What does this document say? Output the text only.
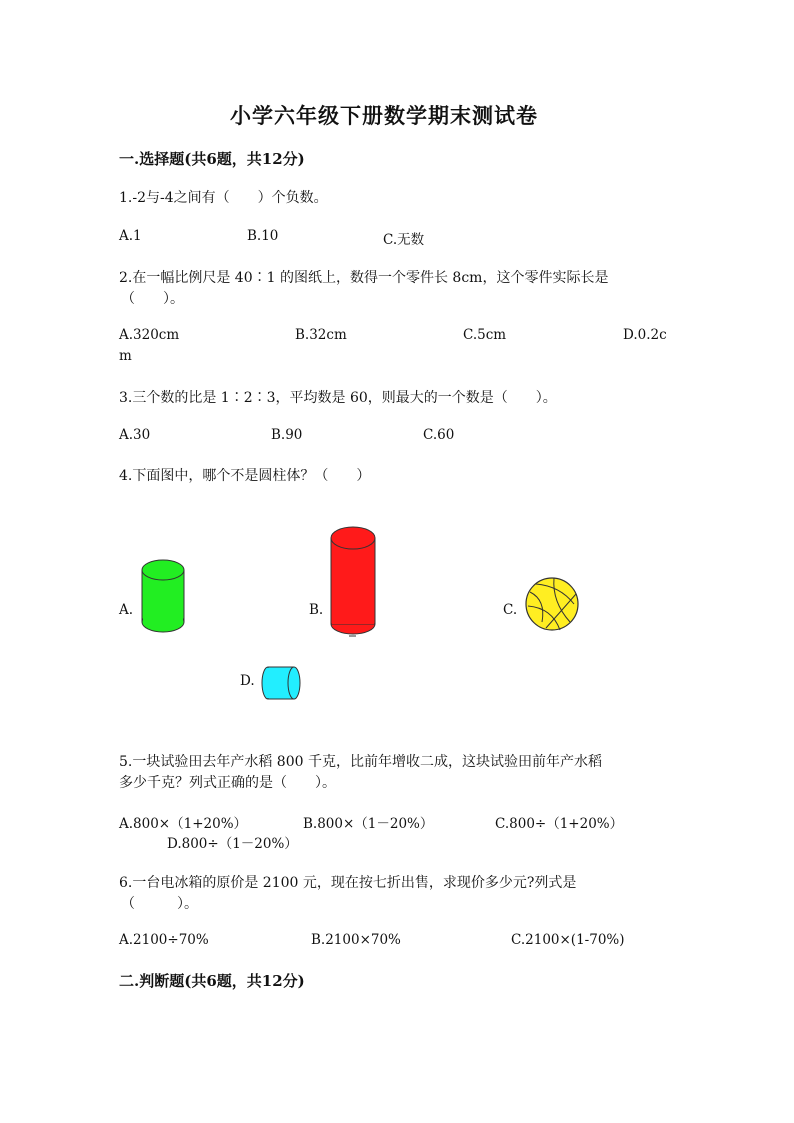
小学六年级下册数学期末测试卷
一.选择题(共6题，共12分)
1.-2与-4之间有（　　）个负数。
A.1	B.10	C.无数
2.在一幅比例尺是 40∶1 的图纸上，数得一个零件长 8cm，这个零件实际长是
（　　）。
A.320cm	B.32cm	C.5cm	D.0.2c
m
3.三个数的比是 1∶2∶3，平均数是 60，则最大的一个数是（　　）。
A.30	B.90	C.60
4.下面图中，哪个不是圆柱体？（　　）
A.	B.	C.
D.
5.一块试验田去年产水稻 800 千克，比前年增收二成，这块试验田前年产水稻
多少千克？列式正确的是（　　）。
A.800×（1+20%）	B.800×（1－20%）	C.800÷（1+20%）
D.800÷（1－20%）
6.一台电冰箱的原价是 2100 元，现在按七折出售，求现价多少元?列式是
（　　　）。
A.2100÷70%	B.2100×70%	C.2100×(1-70%)
二.判断题(共6题，共12分)
